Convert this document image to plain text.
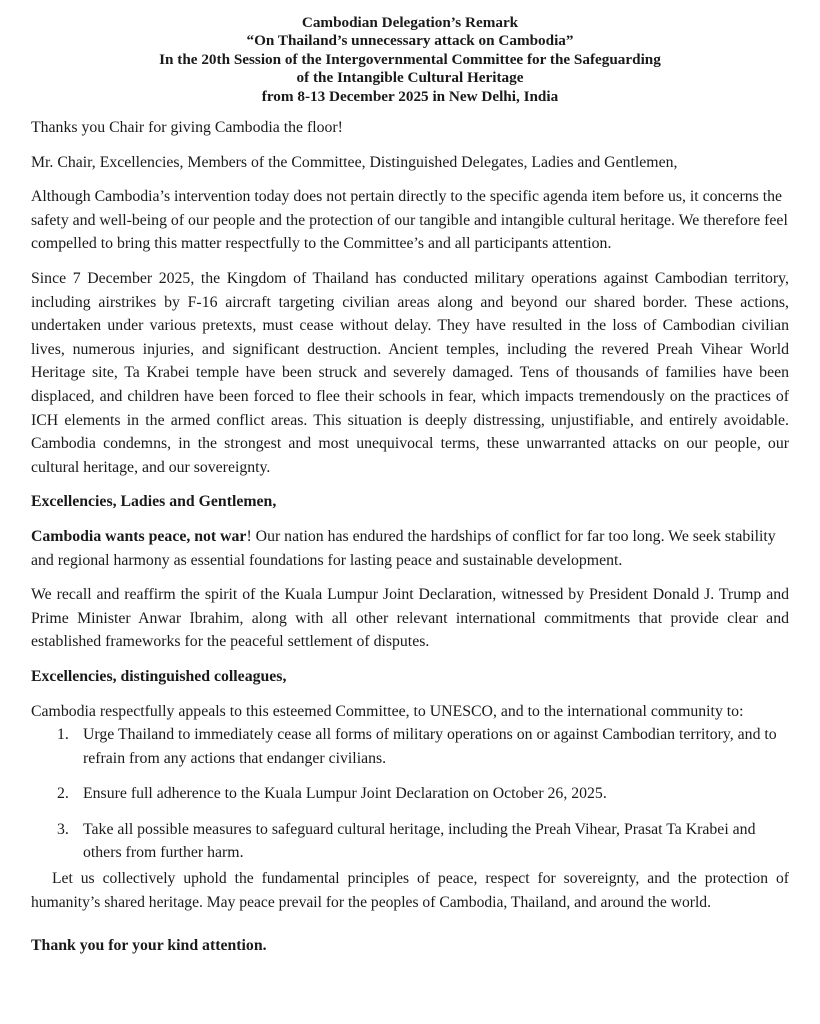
Cambodian Delegation’s Remark
“On Thailand’s unnecessary attack on Cambodia”
In the 20th Session of the Intergovernmental Committee for the Safeguarding
of the Intangible Cultural Heritage
from 8-13 December 2025 in New Delhi, India

Thanks you Chair for giving Cambodia the floor!

Mr. Chair, Excellencies, Members of the Committee, Distinguished Delegates, Ladies and Gentlemen,

Although Cambodia’s intervention today does not pertain directly to the specific agenda item before us, it concerns the safety and well-being of our people and the protection of our tangible and intangible cultural heritage. We therefore feel compelled to bring this matter respectfully to the Committee’s and all participants attention.

Since 7 December 2025, the Kingdom of Thailand has conducted military operations against Cambodian territory, including airstrikes by F-16 aircraft targeting civilian areas along and beyond our shared border. These actions, undertaken under various pretexts, must cease without delay. They have resulted in the loss of Cambodian civilian lives, numerous injuries, and significant destruction. Ancient temples, including the revered Preah Vihear World Heritage site, Ta Krabei temple have been struck and severely damaged. Tens of thousands of families have been displaced, and children have been forced to flee their schools in fear, which impacts tremendously on the practices of ICH elements in the armed conflict areas. This situation is deeply distressing, unjustifiable, and entirely avoidable. Cambodia condemns, in the strongest and most unequivocal terms, these unwarranted attacks on our people, our cultural heritage, and our sovereignty.

Excellencies, Ladies and Gentlemen,

Cambodia wants peace, not war! Our nation has endured the hardships of conflict for far too long. We seek stability and regional harmony as essential foundations for lasting peace and sustainable development.

We recall and reaffirm the spirit of the Kuala Lumpur Joint Declaration, witnessed by President Donald J. Trump and Prime Minister Anwar Ibrahim, along with all other relevant international commitments that provide clear and established frameworks for the peaceful settlement of disputes.

Excellencies, distinguished colleagues,

Cambodia respectfully appeals to this esteemed Committee, to UNESCO, and to the international community to:

1. Urge Thailand to immediately cease all forms of military operations on or against Cambodian territory, and to refrain from any actions that endanger civilians.
2. Ensure full adherence to the Kuala Lumpur Joint Declaration on October 26, 2025.
3. Take all possible measures to safeguard cultural heritage, including the Preah Vihear, Prasat Ta Krabei and others from further harm.

Let us collectively uphold the fundamental principles of peace, respect for sovereignty, and the protection of humanity’s shared heritage. May peace prevail for the peoples of Cambodia, Thailand, and around the world.

Thank you for your kind attention.
